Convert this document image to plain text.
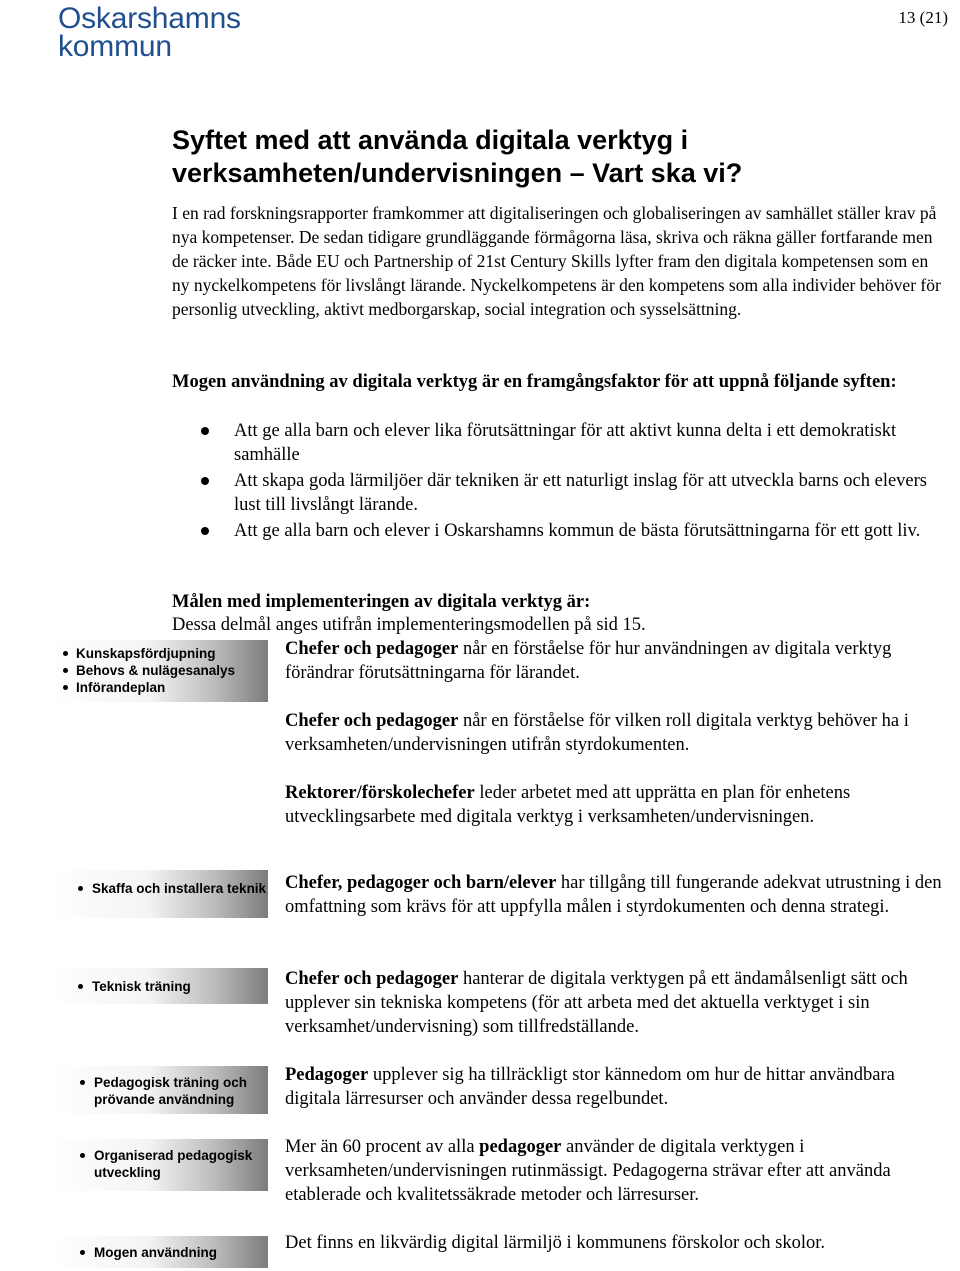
Oskarshamns
kommun
13 (21)
Syftet med att använda digitala verktyg i verksamheten/undervisningen – Vart ska vi?

I en rad forskningsrapporter framkommer att digitaliseringen och globaliseringen av samhället ställer krav på nya kompetenser. De sedan tidigare grundläggande förmågorna läsa, skriva och räkna gäller fortfarande men de räcker inte. Både EU och Partnership of 21st Century Skills lyfter fram den digitala kompetensen som en ny nyckelkompetens för livslångt lärande. Nyckelkompetens är den kompetens som alla individer behöver för personlig utveckling, aktivt medborgarskap, social integration och sysselsättning.

Mogen användning av digitala verktyg är en framgångsfaktor för att uppnå följande syften:

Att ge alla barn och elever lika förutsättningar för att aktivt kunna delta i ett demokratiskt samhälle
Att skapa goda lärmiljöer där tekniken är ett naturligt inslag för att utveckla barns och elevers lust till livslångt lärande.
Att ge alla barn och elever i Oskarshamns kommun de bästa förutsättningarna för ett gott liv.

Målen med implementeringen av digitala verktyg är:

Dessa delmål anges utifrån implementeringsmodellen på sid 15.

Chefer och pedagoger når en förståelse för hur användningen av digitala verktyg förändrar förutsättningarna för lärandet.

Chefer och pedagoger når en förståelse för vilken roll digitala verktyg behöver ha i verksamheten/undervisningen utifrån styrdokumenten.

Rektorer/förskolechefer leder arbetet med att upprätta en plan för enhetens utvecklingsarbete med digitala verktyg i verksamheten/undervisningen.

Chefer, pedagoger och barn/elever har tillgång till fungerande adekvat utrustning i den omfattning som krävs för att uppfylla målen i styrdokumenten och denna strategi.

Chefer och pedagoger hanterar de digitala verktygen på ett ändamålsenligt sätt och upplever sin tekniska kompetens (för att arbeta med det aktuella verktyget i sin verksamhet/undervisning) som tillfredställande.

Pedagoger upplever sig ha tillräckligt stor kännedom om hur de hittar användbara digitala lärresurser och använder dessa regelbundet.

Mer än 60 procent av alla pedagoger använder de digitala verktygen i verksamheten/undervisningen rutinmässigt. Pedagogerna strävar efter att använda etablerade och kvalitetssäkrade metoder och lärresurser.

Det finns en likvärdig digital lärmiljö i kommunens förskolor och skolor.

Kunskapsfördjupning
Behovs & nulägesanalys
Införandeplan
Skaffa och installera teknik
Teknisk träning
Pedagogisk träning och prövande användning
Organiserad pedagogisk utveckling
Mogen användning
